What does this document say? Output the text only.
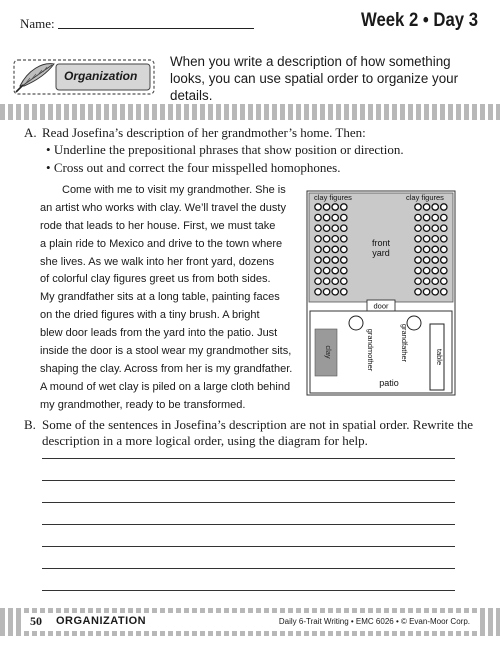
Name:	Week 2 • Day 3
Organization
When you write a description of how something looks, you can use spatial order to organize your details.
A. Read Josefina’s description of her grandmother’s home. Then:
• Underline the prepositional phrases that show position or direction.
• Cross out and correct the four misspelled homophones.
Come with me to visit my grandmother. She is
an artist who works with clay. We’ll travel the dusty
rode that leads to her house. First, we must take
a plain ride to Mexico and drive to the town where
she lives. As we walk into her front yard, dozens
of colorful clay figures greet us from both sides.
My grandfather sits at a long table, painting faces
on the dried figures with a tiny brush. A bright
blew door leads from the yard into the patio. Just
inside the door is a stool wear my grandmother sits,
shaping the clay. Across from her is my grandfather.
A mound of wet clay is piled on a large cloth behind
my grandmother, ready to be transformed.
clay figures	clay figures
front
yard
door
clay	grandmother	grandfather	table
patio
B. Some of the sentences in Josefina’s description are not in spatial order. Rewrite the description in a more logical order, using the diagram for help.
50 ORGANIZATION	Daily 6-Trait Writing • EMC 6026 • © Evan-Moor Corp.
